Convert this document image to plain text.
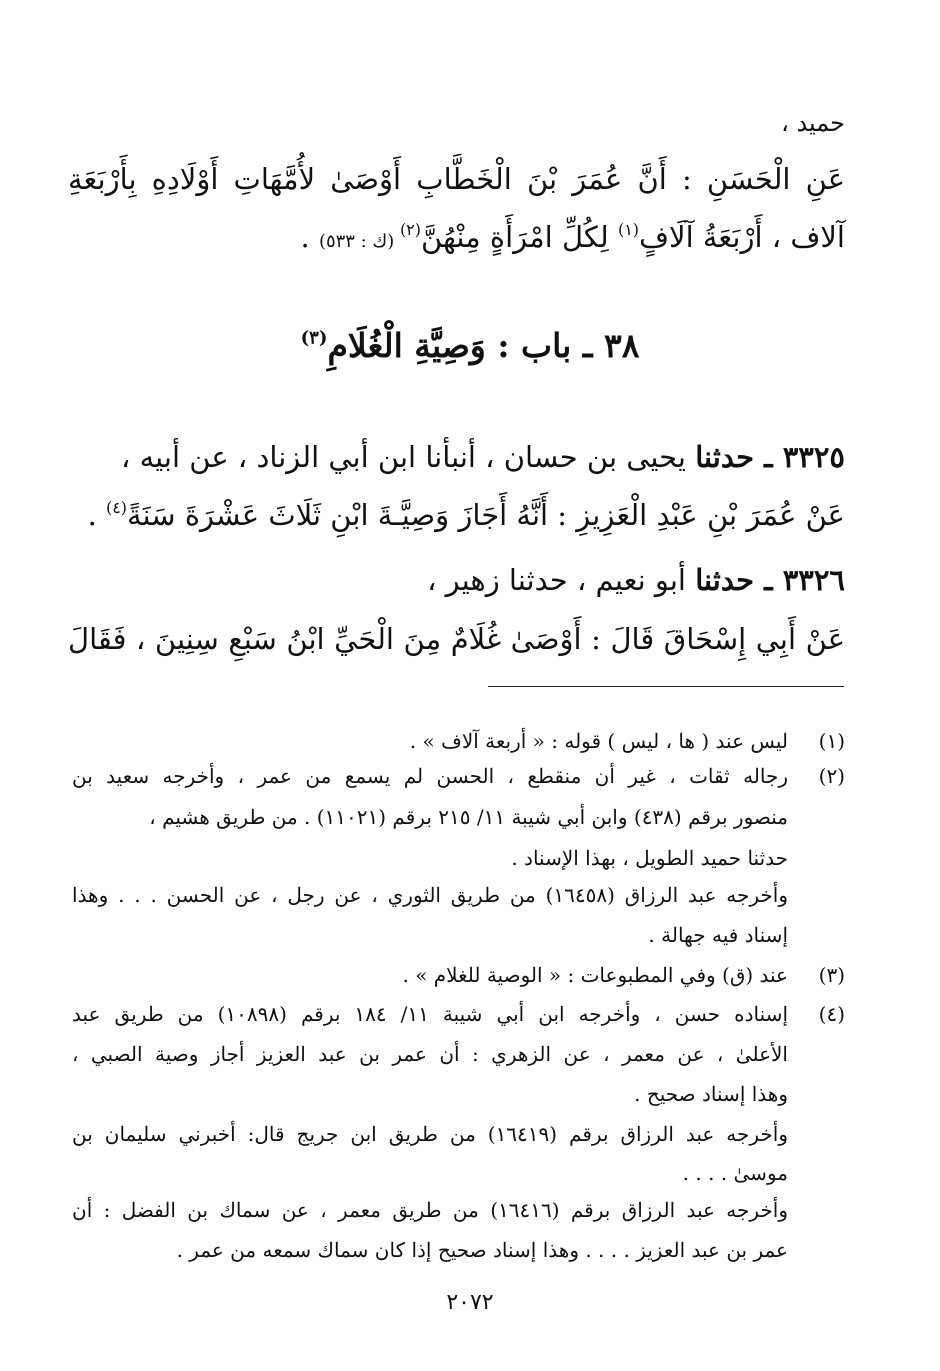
حميد ،
عَنِ الْحَسَنِ : أَنَّ عُمَرَ بْنَ الْخَطَّابِ أَوْصَىٰ لأُمَّهَاتِ أَوْلَادِهِ بِأَرْبَعَةِ
آلاف ، أَرْبَعَةُ آلَافٍ$^{(١)}$ لِكُلِّ امْرَأَةٍ مِنْهُنَّ$^{(٢)}$ (ك : ٥٣٣) .
٣٨ ـ باب : وَصِيَّةِ الْغُلَامِ$^{(٣)}$
٣٣٢٥ ـ حدثنا يحيى بن حسان ، أنبأنا ابن أبي الزناد ، عن أبيه ،
عَنْ عُمَرَ بْنِ عَبْدِ الْعَزِيزِ : أَنَّهُ أَجَازَ وَصِيَّـةَ ابْنِ ثَلَاثَ عَشْرَةَ سَنَةً$^{(٤)}$ .
٣٣٢٦ ـ حدثنا أبو نعيم ، حدثنا زهير ،
عَنْ أَبِي إِسْحَاقَ قَالَ : أَوْصَىٰ غُلَامٌ مِنَ الْحَيِّ ابْنُ سَبْعِ سِنِينَ ، فَقَالَ
(١)
ليس عند ( ها ، ليس ) قوله : « أربعة آلاف » .
(٢)
رجاله ثقات ، غير أن منقطع ، الحسن لم يسمع من عمر ، وأخرجه سعيد بن
منصور برقم (٤٣٨) وابن أبي شيبة ١١/ ٢١٥ برقم (١١٠٢١) . من طريق هشيم ،
حدثنا حميد الطويل ، بهذا الإسناد .
وأخرجه عبد الرزاق (١٦٤٥٨) من طريق الثوري ، عن رجل ، عن الحسن . . . وهذا
إسناد فيه جهالة .
(٣)
عند (ق) وفي المطبوعات : « الوصية للغلام » .
(٤)
إسناده حسن ، وأخرجه ابن أبي شيبة ١١/ ١٨٤ برقم (١٠٨٩٨) من طريق عبد
الأعلىٰ ، عن معمر ، عن الزهري : أن عمر بن عبد العزيز أجاز وصية الصبي ،
وهذا إسناد صحيح .
وأخرجه عبد الرزاق برقم (١٦٤١٩) من طريق ابن جريج قال: أخبرني سليمان بن
موسىٰ . . . .
وأخرجه عبد الرزاق برقم (١٦٤١٦) من طريق معمر ، عن سماك بن الفضل : أن
عمر بن عبد العزيز . . . . وهذا إسناد صحيح إذا كان سماك سمعه من عمر .
٢٠٧٢
